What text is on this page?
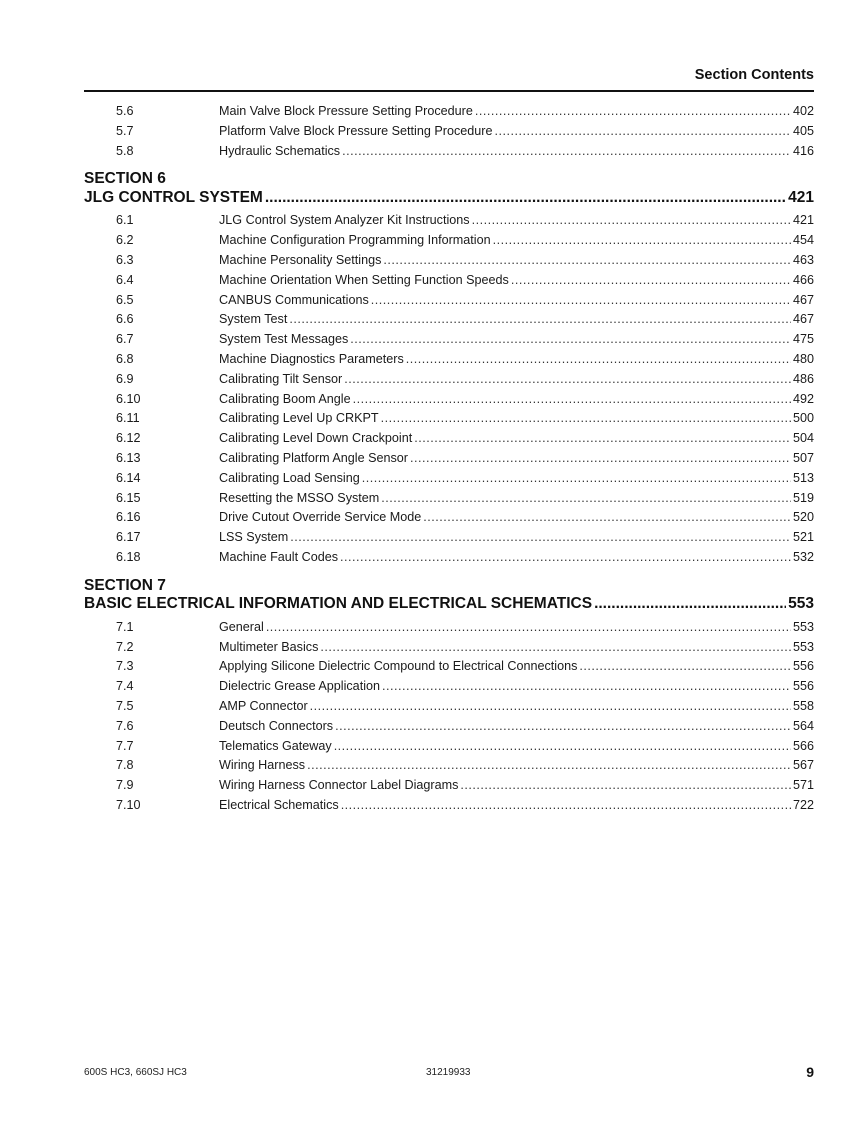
Section Contents
5.6	Main Valve Block Pressure Setting Procedure .....	402
5.7	Platform Valve Block Pressure Setting Procedure .....	405
5.8	Hydraulic Schematics .....	416
SECTION 6
JLG CONTROL SYSTEM .....	421
6.1	JLG Control System Analyzer Kit Instructions .....	421
6.2	Machine Configuration Programming Information .....	454
6.3	Machine Personality Settings .....	463
6.4	Machine Orientation When Setting Function Speeds .....	466
6.5	CANBUS Communications .....	467
6.6	System Test .....	467
6.7	System Test Messages .....	475
6.8	Machine Diagnostics Parameters .....	480
6.9	Calibrating Tilt Sensor .....	486
6.10	Calibrating Boom Angle .....	492
6.11	Calibrating Level Up CRKPT .....	500
6.12	Calibrating Level Down Crackpoint .....	504
6.13	Calibrating Platform Angle Sensor .....	507
6.14	Calibrating Load Sensing .....	513
6.15	Resetting the MSSO System .....	519
6.16	Drive Cutout Override Service Mode .....	520
6.17	LSS System .....	521
6.18	Machine Fault Codes .....	532
SECTION 7
BASIC ELECTRICAL INFORMATION AND ELECTRICAL SCHEMATICS .....	553
7.1	General .....	553
7.2	Multimeter Basics .....	553
7.3	Applying Silicone Dielectric Compound to Electrical Connections .....	556
7.4	Dielectric Grease Application .....	556
7.5	AMP Connector .....	558
7.6	Deutsch Connectors .....	564
7.7	Telematics Gateway .....	566
7.8	Wiring Harness .....	567
7.9	Wiring Harness Connector Label Diagrams .....	571
7.10	Electrical Schematics .....	722
600S HC3, 660SJ HC3	31219933	9
